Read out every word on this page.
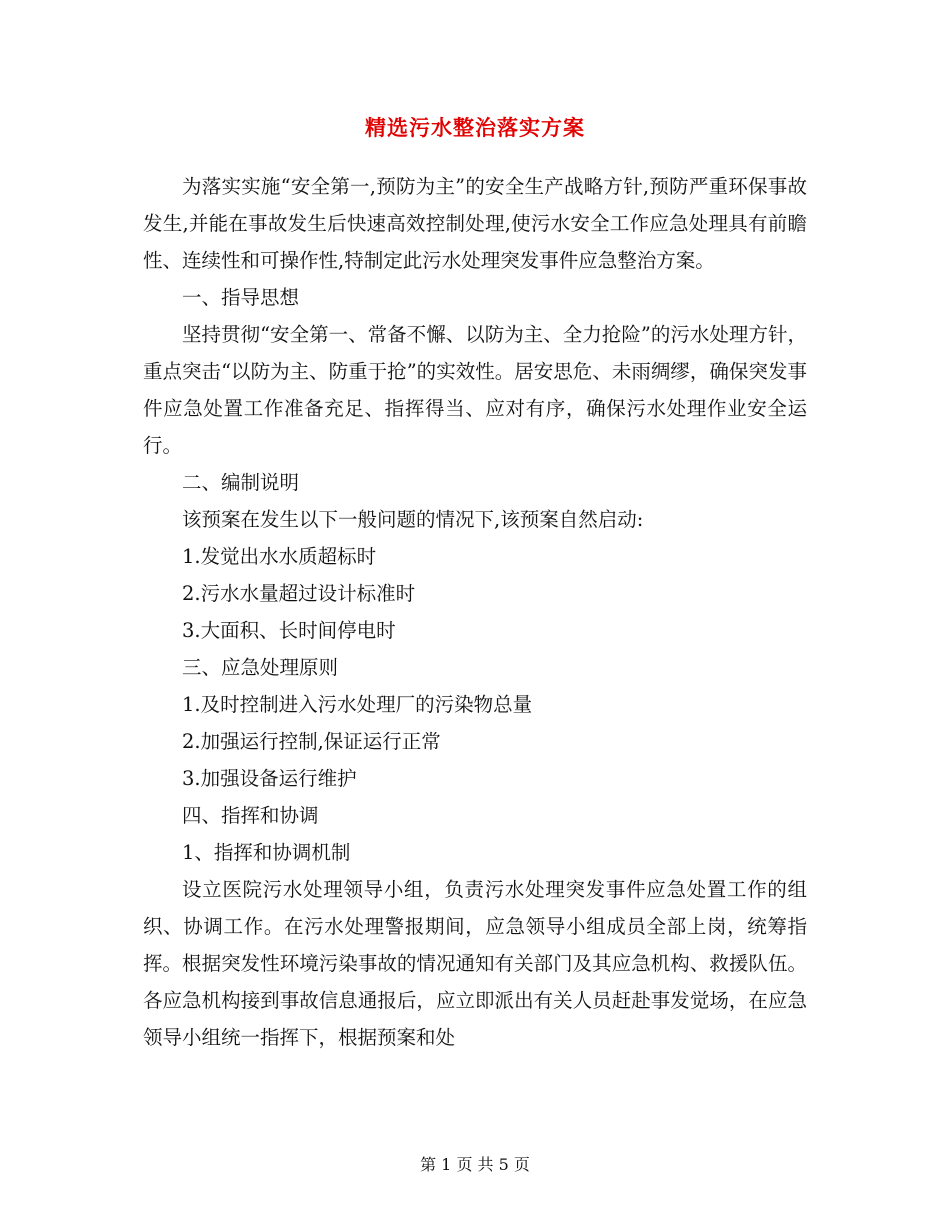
精选污水整治落实方案

为落实实施“安全第一,预防为主”的安全生产战略方针,预防严重环保事故发生,并能在事故发生后快速高效控制处理,使污水安全工作应急处理具有前瞻性、连续性和可操作性,特制定此污水处理突发事件应急整治方案。

一、指导思想

坚持贯彻“安全第一、常备不懈、以防为主、全力抢险”的污水处理方针，重点突击“以防为主、防重于抢”的实效性。居安思危、未雨绸缪，确保突发事件应急处置工作准备充足、指挥得当、应对有序，确保污水处理作业安全运行。

二、编制说明

该预案在发生以下一般问题的情况下,该预案自然启动:

1.发觉出水水质超标时

2.污水水量超过设计标准时

3.大面积、长时间停电时

三、应急处理原则

1.及时控制进入污水处理厂的污染物总量

2.加强运行控制,保证运行正常

3.加强设备运行维护

四、指挥和协调

1、指挥和协调机制

设立医院污水处理领导小组，负责污水处理突发事件应急处置工作的组织、协调工作。在污水处理警报期间，应急领导小组成员全部上岗，统筹指挥。根据突发性环境污染事故的情况通知有关部门及其应急机构、救援队伍。各应急机构接到事故信息通报后，应立即派出有关人员赶赴事发觉场，在应急领导小组统一指挥下，根据预案和处

第 1 页 共 5 页
